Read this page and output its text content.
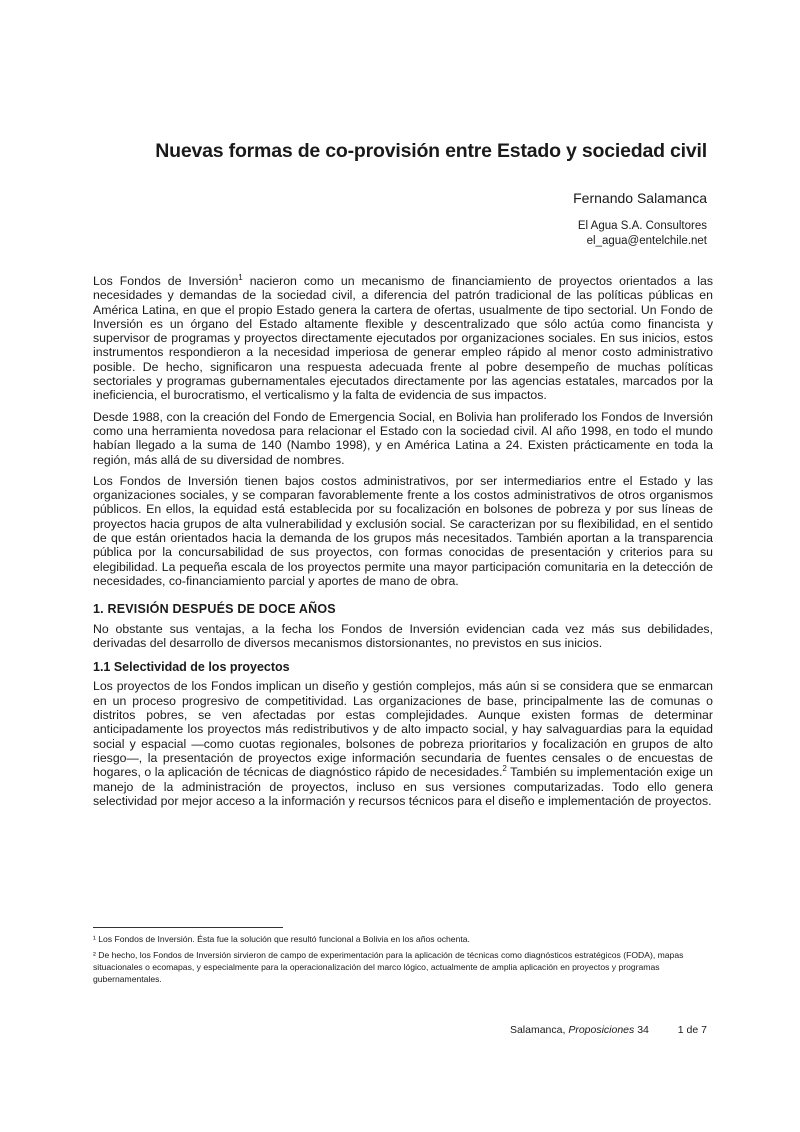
Nuevas formas de co-provisión entre Estado y sociedad civil
Fernando Salamanca
El Agua S.A. Consultores
el_agua@entelchile.net

Los Fondos de Inversión$^1$ nacieron como un mecanismo de financiamiento de proyectos orientados a las necesidades y demandas de la sociedad civil, a diferencia del patrón tradicional de las políticas públicas en América Latina, en que el propio Estado genera la cartera de ofertas, usualmente de tipo sectorial. Un Fondo de Inversión es un órgano del Estado altamente flexible y descentralizado que sólo actúa como financista y supervisor de programas y proyectos directamente ejecutados por organizaciones sociales. En sus inicios, estos instrumentos respondieron a la necesidad imperiosa de generar empleo rápido al menor costo administrativo posible. De hecho, significaron una respuesta adecuada frente al pobre desempeño de muchas políticas sectoriales y programas gubernamentales ejecutados directamente por las agencias estatales, marcados por la ineficiencia, el burocratismo, el verticalismo y la falta de evidencia de sus impactos.

Desde 1988, con la creación del Fondo de Emergencia Social, en Bolivia han proliferado los Fondos de Inversión como una herramienta novedosa para relacionar el Estado con la sociedad civil. Al año 1998, en todo el mundo habían llegado a la suma de 140 (Nambo 1998), y en América Latina a 24. Existen prácticamente en toda la región, más allá de su diversidad de nombres.

Los Fondos de Inversión tienen bajos costos administrativos, por ser intermediarios entre el Estado y las organizaciones sociales, y se comparan favorablemente frente a los costos administrativos de otros organismos públicos. En ellos, la equidad está establecida por su focalización en bolsones de pobreza y por sus líneas de proyectos hacia grupos de alta vulnerabilidad y exclusión social. Se caracterizan por su flexibilidad, en el sentido de que están orientados hacia la demanda de los grupos más necesitados. También aportan a la transparencia pública por la concursabilidad de sus proyectos, con formas conocidas de presentación y criterios para su elegibilidad. La pequeña escala de los proyectos permite una mayor participación comunitaria en la detección de necesidades, co-financiamiento parcial y aportes de mano de obra.

1. REVISIÓN DESPUÉS DE DOCE AÑOS

No obstante sus ventajas, a la fecha los Fondos de Inversión evidencian cada vez más sus debilidades, derivadas del desarrollo de diversos mecanismos distorsionantes, no previstos en sus inicios.

1.1 Selectividad de los proyectos

Los proyectos de los Fondos implican un diseño y gestión complejos, más aún si se considera que se enmarcan en un proceso progresivo de competitividad. Las organizaciones de base, principalmente las de comunas o distritos pobres, se ven afectadas por estas complejidades. Aunque existen formas de determinar anticipadamente los proyectos más redistributivos y de alto impacto social, y hay salvaguardias para la equidad social y espacial —como cuotas regionales, bolsones de pobreza prioritarios y focalización en grupos de alto riesgo—, la presentación de proyectos exige información secundaria de fuentes censales o de encuestas de hogares, o la aplicación de técnicas de diagnóstico rápido de necesidades.$^2$ También su implementación exige un manejo de la administración de proyectos, incluso en sus versiones computarizadas. Todo ello genera selectividad por mejor acceso a la información y recursos técnicos para el diseño e implementación de proyectos.

¹ Los Fondos de Inversión. Ésta fue la solución que resultó funcional a Bolivia en los años ochenta.

² De hecho, los Fondos de Inversión sirvieron de campo de experimentación para la aplicación de técnicas como diagnósticos estratégicos (FODA), mapas situacionales o ecomapas, y especialmente para la operacionalización del marco lógico, actualmente de amplia aplicación en proyectos y programas gubernamentales.

Salamanca, Proposiciones 34	1 de 7
